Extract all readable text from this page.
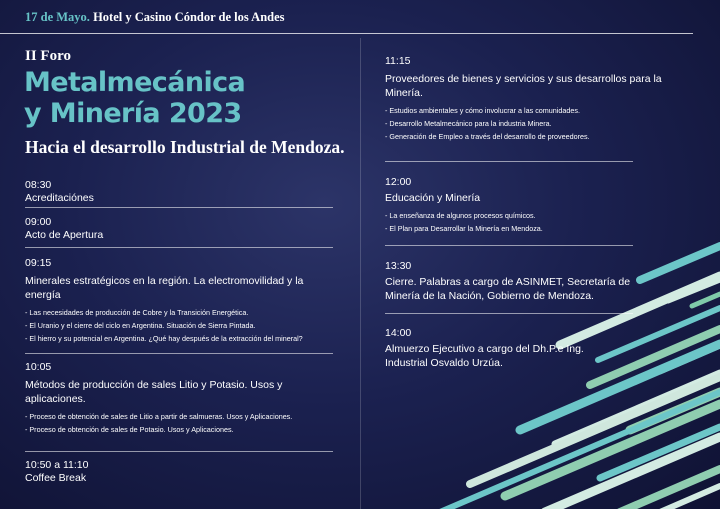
17 de Mayo. Hotel y Casino Cóndor de los Andes
II Foro
Metalmecánica
y Minería 2023
Hacia el desarrollo Industrial de Mendoza.
08:30
Acreditaciónes
09:00
Acto de Apertura
09:15
Minerales estratégicos en la región. La electromovilidad y la energía
- Las necesidades de producción de Cobre y la Transición Energética.
- El Uranio y el cierre del ciclo en Argentina. Situación de Sierra Pintada.
- El hierro y su potencial en Argentina. ¿Qué hay después de la extracción del mineral?
10:05
Métodos de producción de sales Litio y Potasio. Usos y aplicaciones.
- Proceso de obtención de sales de Litio a partir de salmueras. Usos y Aplicaciones.
- Proceso de obtención de sales de Potasio. Usos y Aplicaciones.
10:50 a 11:10
Coffee Break
11:15
Proveedores de bienes y servicios y sus desarrollos para la Minería.
- Estudios ambientales y cómo involucrar a las comunidades.
- Desarrollo Metalmecánico para la industria Minera.
- Generación de Empleo a través del desarrollo de proveedores.
12:00
Educación y Minería
- La enseñanza de algunos procesos químicos.
- El Plan para Desarrollar la Minería en Mendoza.
13:30
Cierre. Palabras a cargo de ASINMET, Secretaría de Minería de la Nación, Gobierno de Mendoza.
14:00
Almuerzo Ejecutivo a cargo del Dh.P.e Ing. Industrial Osvaldo Urzúa.
